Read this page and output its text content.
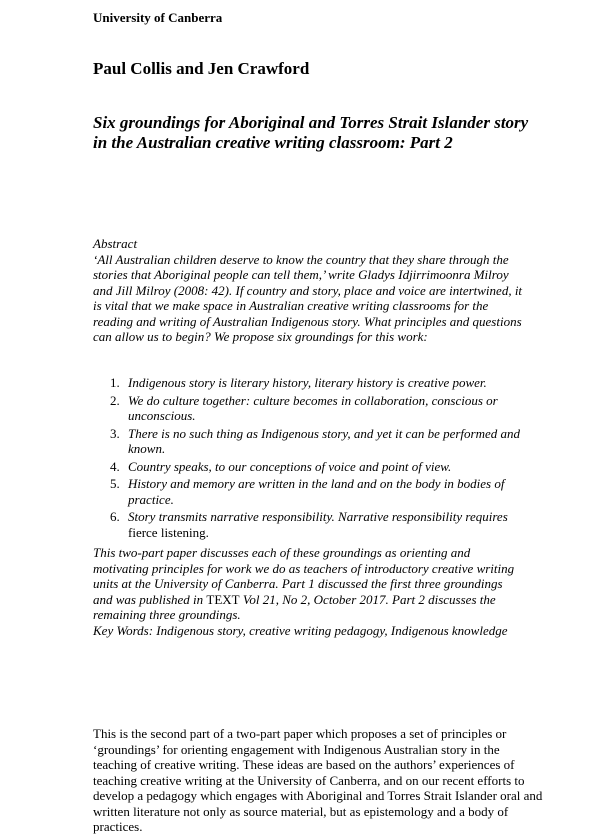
University of Canberra
Paul Collis and Jen Crawford
Six groundings for Aboriginal and Torres Strait Islander story in the Australian creative writing classroom: Part 2

Abstract

‘All Australian children deserve to know the country that they share through the stories that Aboriginal people can tell them,’ write Gladys Idjirrimoonra Milroy and Jill Milroy (2008: 42). If country and story, place and voice are intertwined, it is vital that we make space in Australian creative writing classrooms for the reading and writing of Australian Indigenous story. What principles and questions can allow us to begin? We propose six groundings for this work:

1. Indigenous story is literary history, literary history is creative power.
2. We do culture together: culture becomes in collaboration, conscious or unconscious.
3. There is no such thing as Indigenous story, and yet it can be performed and known.
4. Country speaks, to our conceptions of voice and point of view.
5. History and memory are written in the land and on the body in bodies of practice.
6. Story transmits narrative responsibility. Narrative responsibility requires fierce listening.

This two-part paper discusses each of these groundings as orienting and motivating principles for work we do as teachers of introductory creative writing units at the University of Canberra. Part 1 discussed the first three groundings and was published in TEXT Vol 21, No 2, October 2017. Part 2 discusses the remaining three groundings.

Key Words: Indigenous story, creative writing pedagogy, Indigenous knowledge

This is the second part of a two-part paper which proposes a set of principles or ‘groundings’ for orienting engagement with Indigenous Australian story in the teaching of creative writing. These ideas are based on the authors’ experiences of teaching creative writing at the University of Canberra, and on our recent efforts to develop a pedagogy which engages with Aboriginal and Torres Strait Islander oral and written literature not only as source material, but as epistemology and a body of practices.
